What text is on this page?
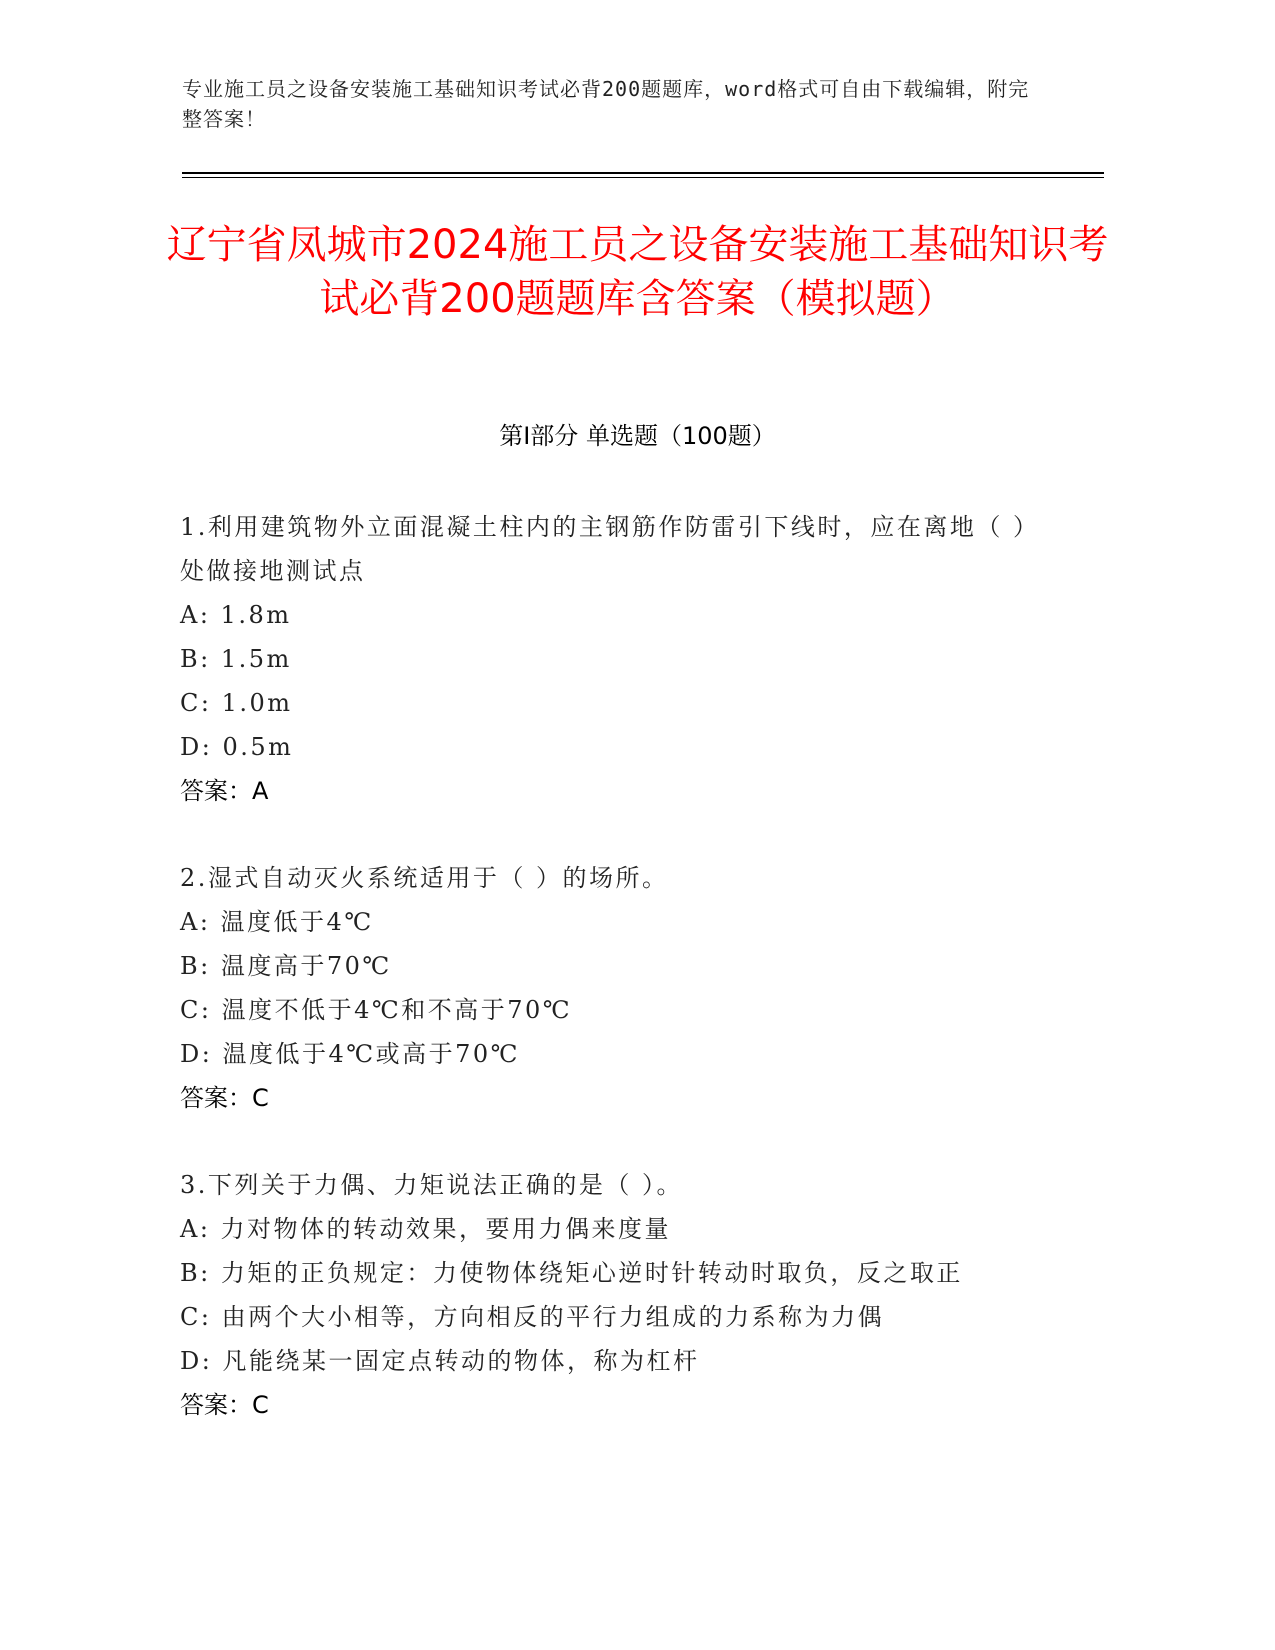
专业施工员之设备安装施工基础知识考试必背200题题库，word格式可自由下载编辑，附完整答案！
辽宁省凤城市2024施工员之设备安装施工基础知识考试必背200题题库含答案（模拟题）
第I部分 单选题（100题）
1.利用建筑物外立面混凝土柱内的主钢筋作防雷引下线时，应在离地（ ）处做接地测试点
A: 1.8m
B: 1.5m
C: 1.0m
D: 0.5m
答案：A
2.湿式自动灭火系统适用于（ ）的场所。
A: 温度低于4℃
B: 温度高于70℃
C: 温度不低于4℃和不高于70℃
D: 温度低于4℃或高于70℃
答案：C
3.下列关于力偶、力矩说法正确的是（ ）。
A: 力对物体的转动效果，要用力偶来度量
B: 力矩的正负规定：力使物体绕矩心逆时针转动时取负，反之取正
C: 由两个大小相等，方向相反的平行力组成的力系称为力偶
D: 凡能绕某一固定点转动的物体，称为杠杆
答案：C
